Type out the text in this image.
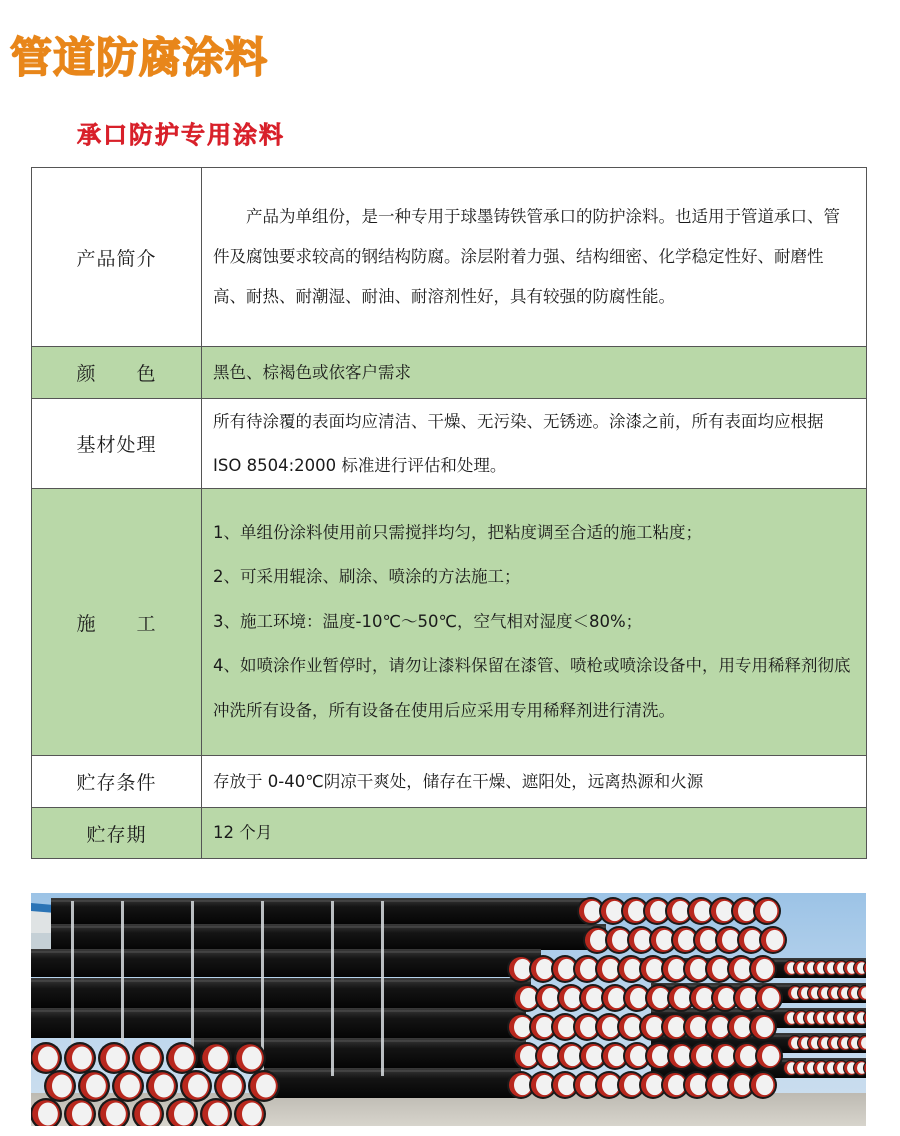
管道防腐涂料
承口防护专用涂料
产品简介	产品为单组份，是一种专用于球墨铸铁管承口的防护涂料。也适用于管道承口、管件及腐蚀要求较高的钢结构防腐。涂层附着力强、结构细密、化学稳定性好、耐磨性高、耐热、耐潮湿、耐油、耐溶剂性好，具有较强的防腐性能。

颜　　色	黑色、棕褐色或依客户需求

基材处理	所有待涂覆的表面均应清洁、干燥、无污染、无锈迹。涂漆之前，所有表面均应根据 ISO 8504:2000 标准进行评估和处理。

施　　工	1、单组份涂料使用前只需搅拌均匀，把粘度调至合适的施工粘度；
2、可采用辊涂、刷涂、喷涂的方法施工；
3、施工环境：温度-10℃～50℃，空气相对湿度＜80%；
4、如喷涂作业暂停时，请勿让漆料保留在漆管、喷枪或喷涂设备中，用专用稀释剂彻底冲洗所有设备，所有设备在使用后应采用专用稀释剂进行清洗。

贮存条件	存放于 0-40℃阴凉干爽处，储存在干燥、遮阳处，远离热源和火源

贮存期	12 个月
